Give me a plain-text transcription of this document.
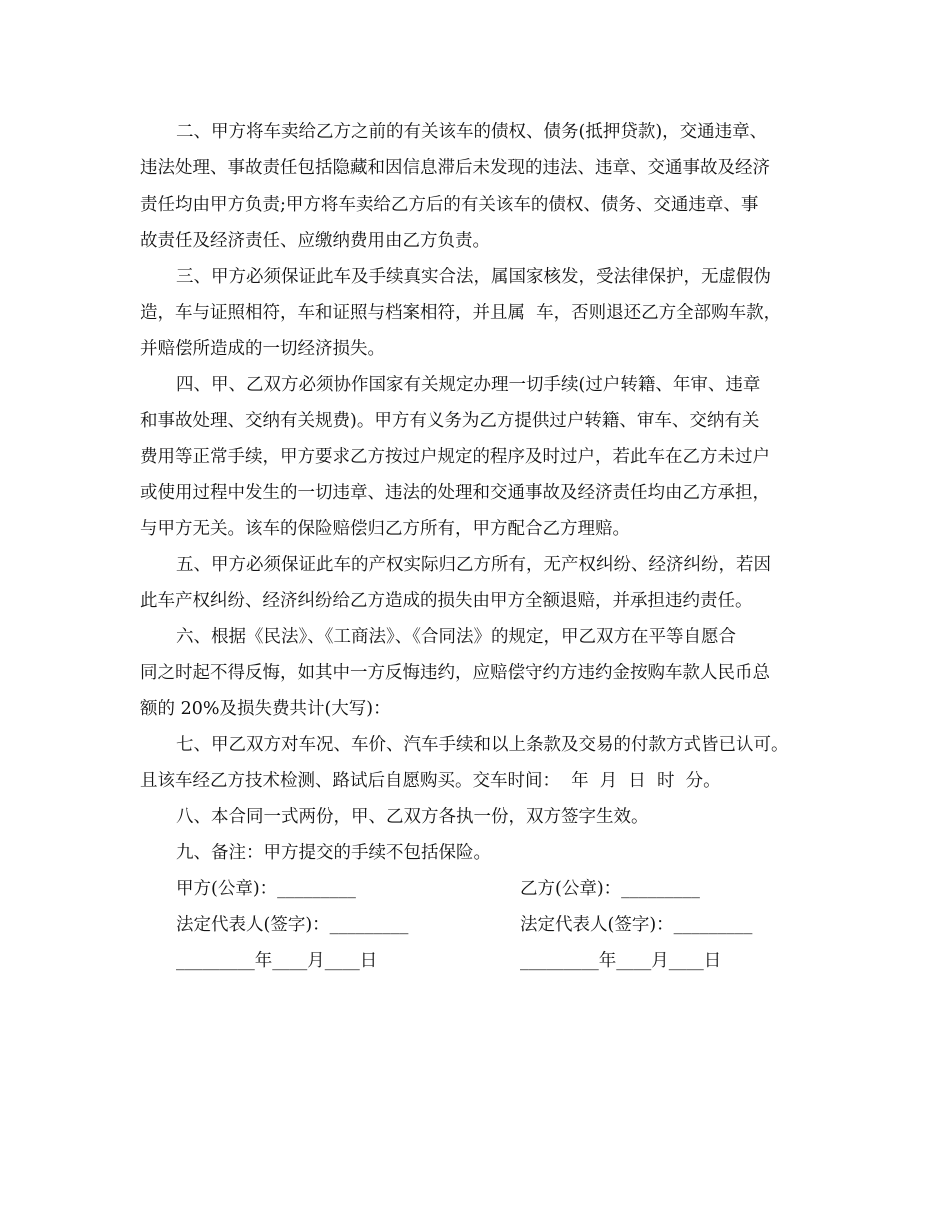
二、甲方将车卖给乙方之前的有关该车的债权、债务(抵押贷款)，交通违章、
违法处理、事故责任包括隐藏和因信息滞后未发现的违法、违章、交通事故及经济
责任均由甲方负责;甲方将车卖给乙方后的有关该车的债权、债务、交通违章、事
故责任及经济责任、应缴纳费用由乙方负责。
三、甲方必须保证此车及手续真实合法，属国家核发，受法律保护，无虚假伪
造，车与证照相符，车和证照与档案相符，并且属  车，否则退还乙方全部购车款，
并赔偿所造成的一切经济损失。
四、甲、乙双方必须协作国家有关规定办理一切手续(过户转籍、年审、违章
和事故处理、交纳有关规费)。甲方有义务为乙方提供过户转籍、审车、交纳有关
费用等正常手续，甲方要求乙方按过户规定的程序及时过户，若此车在乙方未过户
或使用过程中发生的一切违章、违法的处理和交通事故及经济责任均由乙方承担，
与甲方无关。该车的保险赔偿归乙方所有，甲方配合乙方理赔。
五、甲方必须保证此车的产权实际归乙方所有，无产权纠纷、经济纠纷，若因
此车产权纠纷、经济纠纷给乙方造成的损失由甲方全额退赔，并承担违约责任。
六、根据《民法》、《工商法》、《合同法》的规定，甲乙双方在平等自愿合
同之时起不得反悔，如其中一方反悔违约，应赔偿守约方违约金按购车款人民币总
额的 20%及损失费共计(大写)：
七、甲乙双方对车况、车价、汽车手续和以上条款及交易的付款方式皆已认可。
且该车经乙方技术检测、路试后自愿购买。交车时间：  年  月  日  时  分。
八、本合同一式两份，甲、乙双方各执一份，双方签字生效。
九、备注：甲方提交的手续不包括保险。
甲方(公章)：_________
法定代表人(签字)：_________
_________年____月____日
乙方(公章)：_________
法定代表人(签字)：_________
_________年____月____日
